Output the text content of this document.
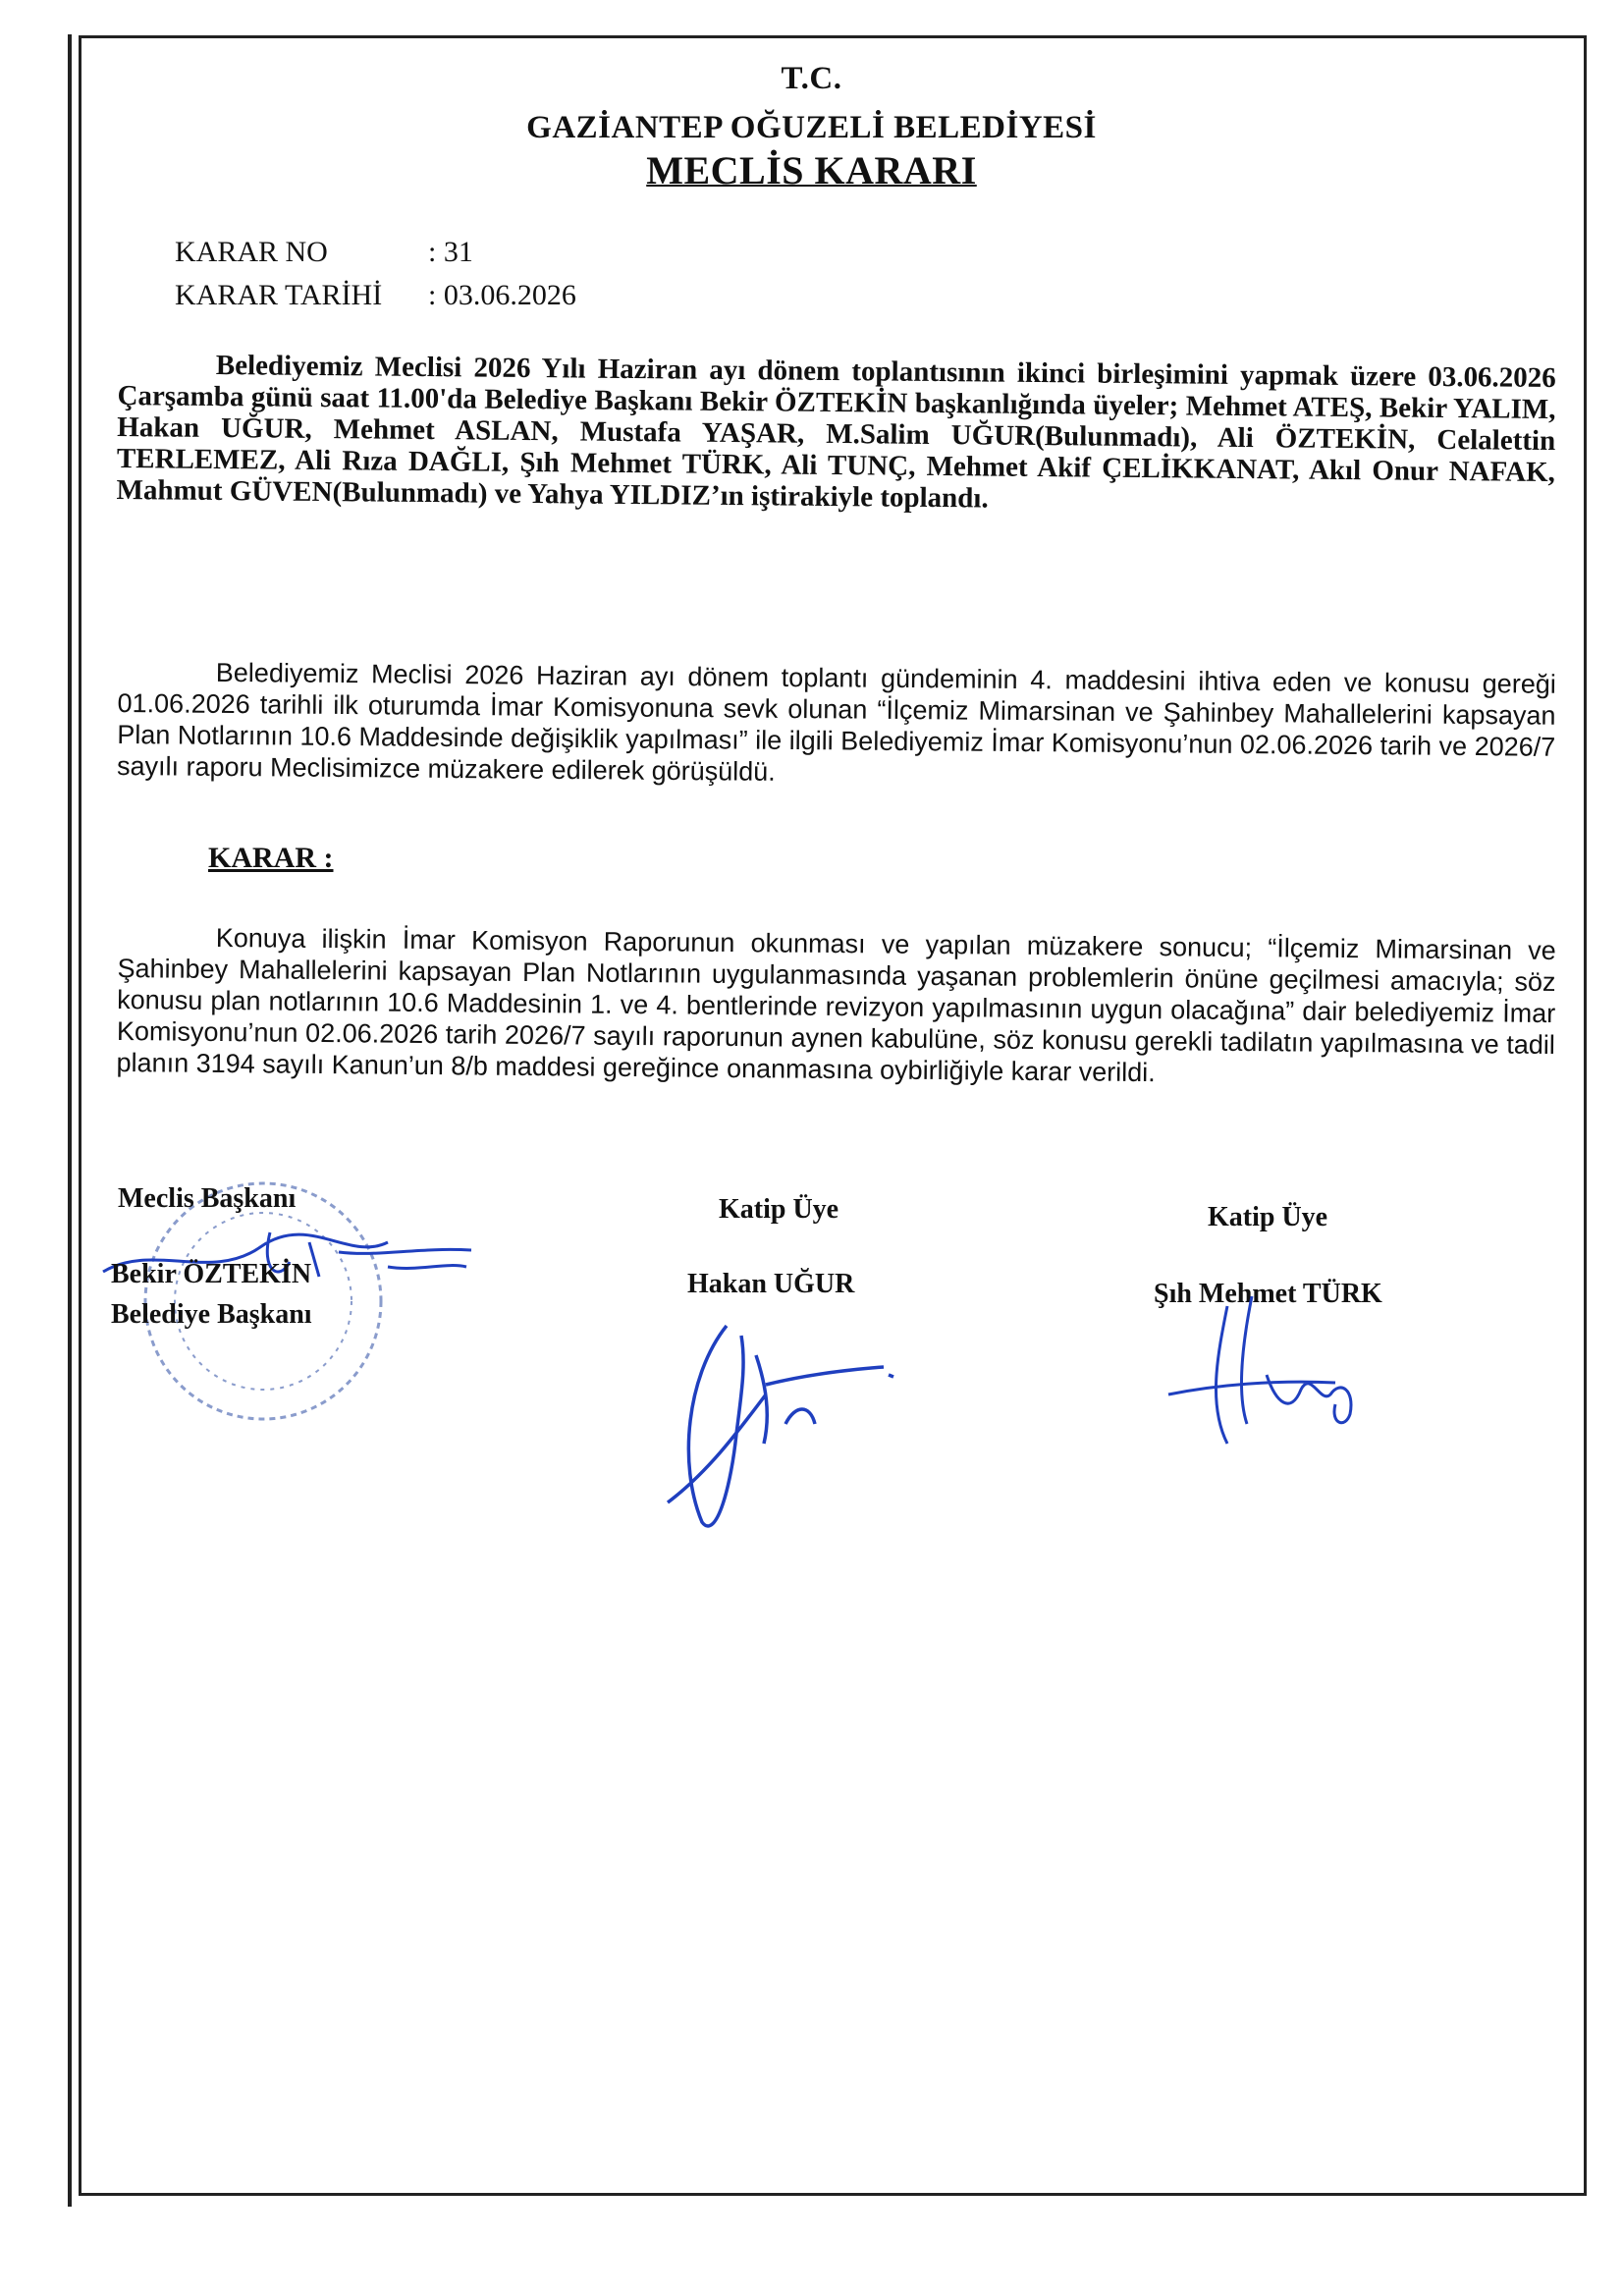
T.C.
GAZİANTEP OĞUZELİ BELEDİYESİ
MECLİS KARARI
KARAR NO	: 31
KARAR TARİHİ : 03.06.2026
Belediyemiz Meclisi 2026 Yılı Haziran ayı dönem toplantısının ikinci birleşimini yapmak üzere 03.06.2026 Çarşamba günü saat 11.00'da Belediye Başkanı Bekir ÖZTEKİN başkanlığında üyeler; Mehmet ATEŞ, Bekir YALIM, Hakan UĞUR, Mehmet ASLAN, Mustafa YAŞAR, M.Salim UĞUR(Bulunmadı), Ali ÖZTEKİN, Celalettin TERLEMEZ, Ali Rıza DAĞLI, Şıh Mehmet TÜRK, Ali TUNÇ, Mehmet Akif ÇELİKKANAT, Akıl Onur NAFAK, Mahmut GÜVEN(Bulunmadı) ve Yahya YILDIZ’ın iştirakiyle toplandı.
Belediyemiz Meclisi 2026 Haziran ayı dönem toplantı gündeminin 4. maddesini ihtiva eden ve konusu gereği 01.06.2026 tarihli ilk oturumda İmar Komisyonuna sevk olunan “İlçemiz Mimarsinan ve Şahinbey Mahallelerini kapsayan Plan Notlarının 10.6 Maddesinde değişiklik yapılması” ile ilgili Belediyemiz İmar Komisyonu’nun 02.06.2026 tarih ve 2026/7 sayılı raporu Meclisimizce müzakere edilerek görüşüldü.
KARAR :
Konuya ilişkin İmar Komisyon Raporunun okunması ve yapılan müzakere sonucu; “İlçemiz Mimarsinan ve Şahinbey Mahallelerini kapsayan Plan Notlarının uygulanmasında yaşanan problemlerin önüne geçilmesi amacıyla; söz konusu plan notlarının 10.6 Maddesinin 1. ve 4. bentlerinde revizyon yapılmasının uygun olacağına” dair belediyemiz İmar Komisyonu’nun 02.06.2026 tarih 2026/7 sayılı raporunun aynen kabulüne, söz konusu gerekli tadilatın yapılmasına ve tadil planın 3194 sayılı Kanun’un 8/b maddesi gereğince onanmasına oybirliğiyle karar verildi.
Meclis Başkanı
Bekir ÖZTEKİN
Belediye Başkanı
Katip Üye
Hakan UĞUR
Katip Üye
Şıh Mehmet TÜRK
